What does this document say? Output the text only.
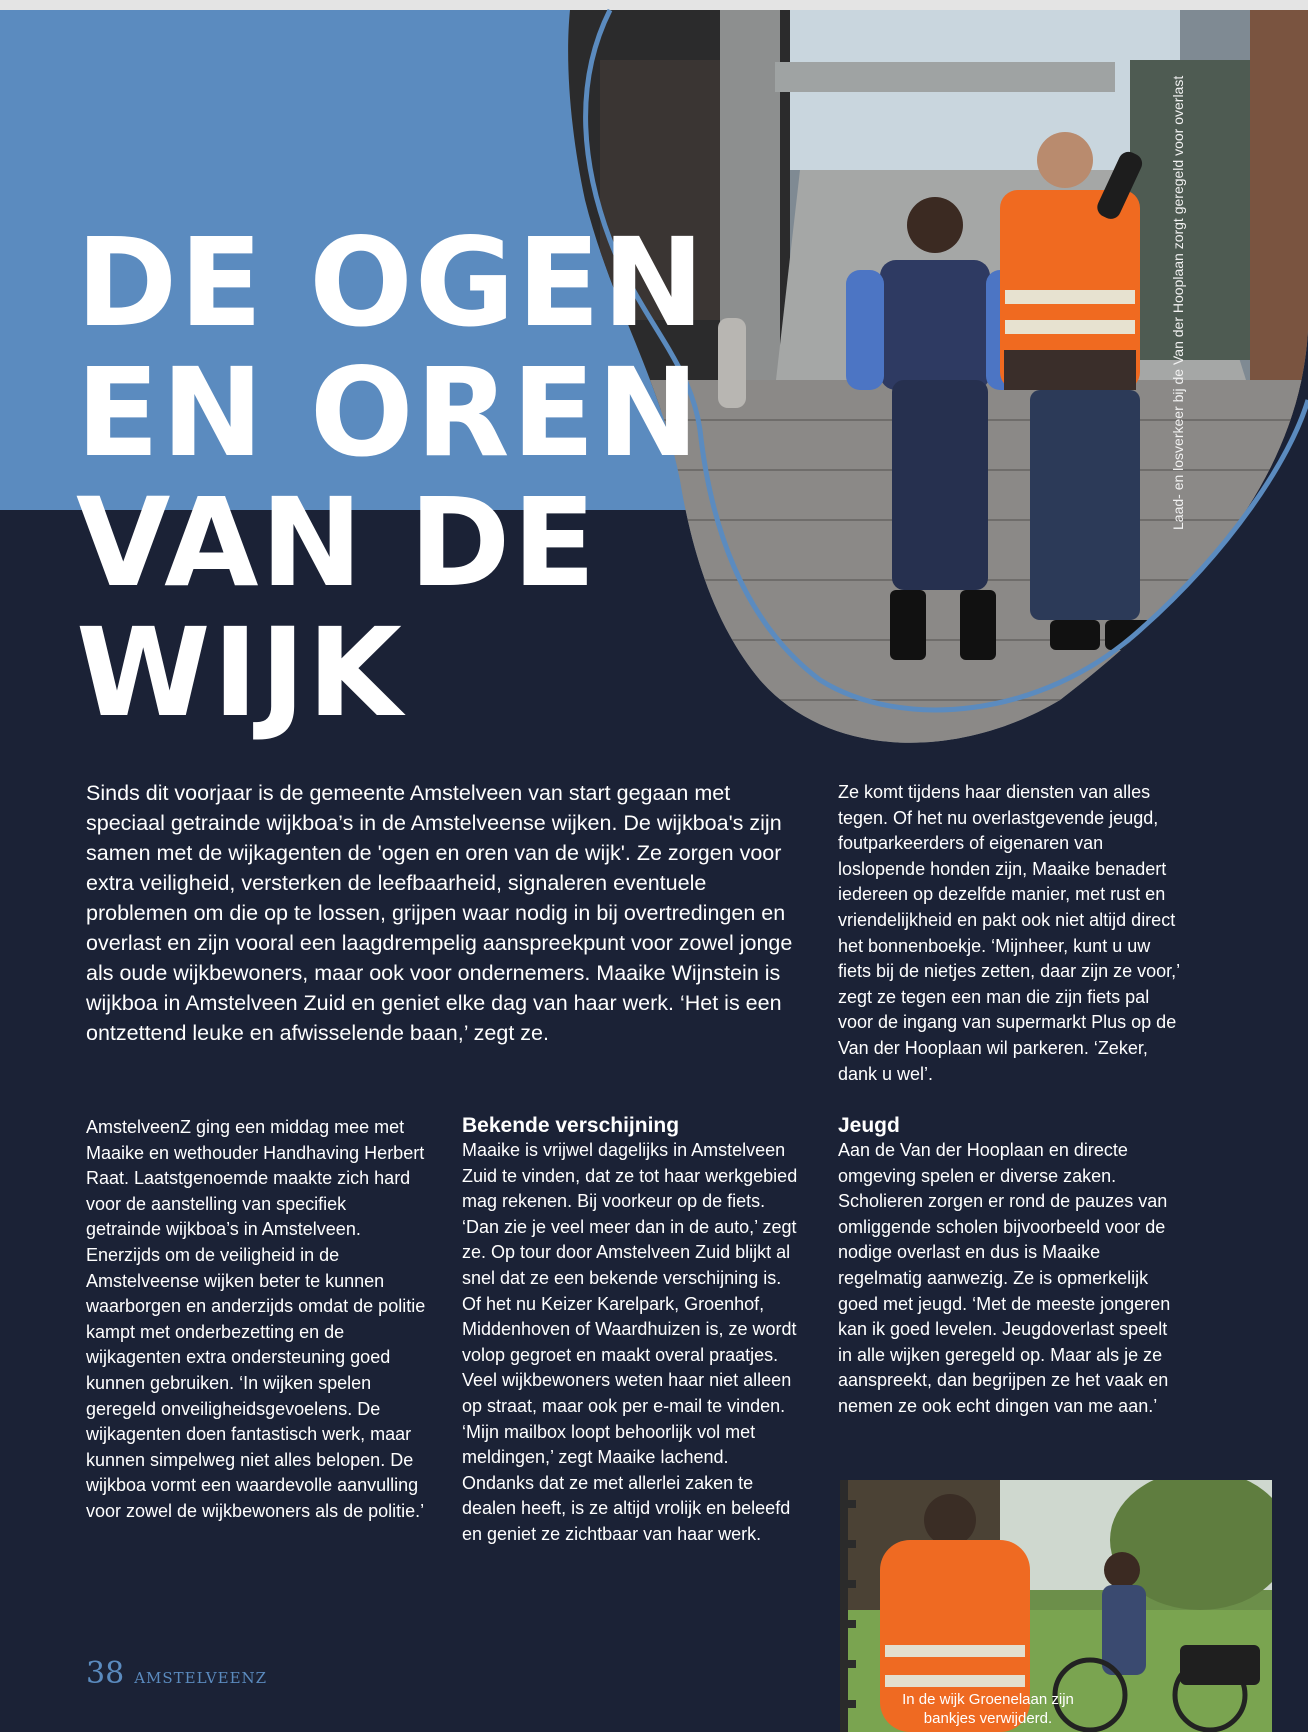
Laad- en losverkeer bij de Van der Hooplaan zorgt geregeld voor overlast
DE OGEN
EN OREN
VAN DE
WIJK

Sinds dit voorjaar is de gemeente Amstelveen van start gegaan met speciaal getrainde wijkboa’s in de Amstelveense wijken. De wijkboa's zijn samen met de wijkagenten de 'ogen en oren van de wijk'. Ze zorgen voor extra veiligheid, versterken de leefbaarheid, signaleren eventuele problemen om die op te lossen, grijpen waar nodig in bij overtredingen en overlast en zijn vooral een laagdrempelig aanspreekpunt voor zowel jonge als oude wijkbewoners, maar ook voor ondernemers. Maaike Wijnstein is wijkboa in Amstelveen Zuid en geniet elke dag van haar werk. ‘Het is een ontzettend leuke en afwisselende baan,’ zegt ze.

Ze komt tijdens haar diensten van alles tegen. Of het nu overlastgevende jeugd, foutparkeerders of eigenaren van loslopende honden zijn, Maaike benadert iedereen op dezelfde manier, met rust en vriendelijkheid en pakt ook niet altijd direct het bonnenboekje. ‘Mijnheer, kunt u uw fiets bij de nietjes zetten, daar zijn ze voor,’ zegt ze tegen een man die zijn fiets pal voor de ingang van supermarkt Plus op de Van der Hooplaan wil parkeren. ‘Zeker, dank u wel’.

AmstelveenZ ging een middag mee met Maaike en wethouder Handhaving Herbert Raat. Laatstgenoemde maakte zich hard voor de aanstelling van specifiek getrainde wijkboa’s in Amstelveen. Enerzijds om de veiligheid in de Amstelveense wijken beter te kunnen waarborgen en anderzijds omdat de politie kampt met onderbezetting en de wijkagenten extra ondersteuning goed kunnen gebruiken. ‘In wijken spelen geregeld onveiligheidsgevoelens. De wijkagenten doen fantastisch werk, maar kunnen simpelweg niet alles belopen. De wijkboa vormt een waardevolle aanvulling voor zowel de wijkbewoners als de politie.’

Bekende verschijning

Maaike is vrijwel dagelijks in Amstelveen Zuid te vinden, dat ze tot haar werkgebied mag rekenen. Bij voorkeur op de fiets. ‘Dan zie je veel meer dan in de auto,’ zegt ze. Op tour door Amstelveen Zuid blijkt al snel dat ze een bekende verschijning is. Of het nu Keizer Karelpark, Groenhof, Middenhoven of Waardhuizen is, ze wordt volop gegroet en maakt overal praatjes. Veel wijkbewoners weten haar niet alleen op straat, maar ook per e-mail te vinden. ‘Mijn mailbox loopt behoorlijk vol met meldingen,’ zegt Maaike lachend. Ondanks dat ze met allerlei zaken te dealen heeft, is ze altijd vrolijk en beleefd en geniet ze zichtbaar van haar werk.

Jeugd

Aan de Van der Hooplaan en directe omgeving spelen er diverse zaken. Scholieren zorgen er rond de pauzes van omliggende scholen bijvoorbeeld voor de nodige overlast en dus is Maaike regelmatig aanwezig. Ze is opmerkelijk goed met jeugd. ‘Met de meeste jongeren kan ik goed levelen. Jeugdoverlast speelt in alle wijken geregeld op. Maar als je ze aanspreekt, dan begrijpen ze het vaak en nemen ze ook echt dingen van me aan.’

In de wijk Groenelaan zijn bankjes verwijderd.
38 AMSTELVEENZ
